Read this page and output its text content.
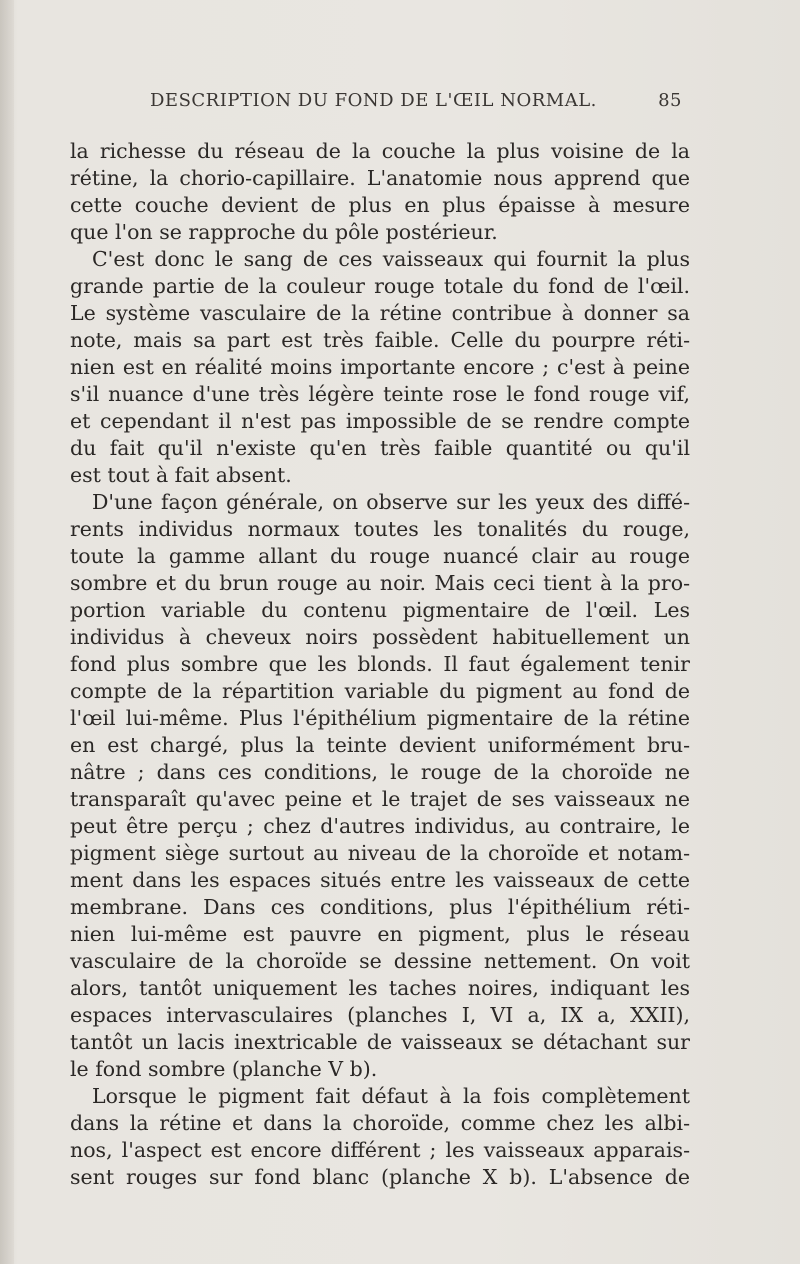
DESCRIPTION DU FOND DE L'ŒIL NORMAL.	85
la richesse du réseau de la couche la plus voisine de la
rétine, la chorio-capillaire. L'anatomie nous apprend que
cette couche devient de plus en plus épaisse à mesure
que l'on se rapproche du pôle postérieur.
C'est donc le sang de ces vaisseaux qui fournit la plus
grande partie de la couleur rouge totale du fond de l'œil.
Le système vasculaire de la rétine contribue à donner sa
note, mais sa part est très faible. Celle du pourpre réti-
nien est en réalité moins importante encore ; c'est à peine
s'il nuance d'une très légère teinte rose le fond rouge vif,
et cependant il n'est pas impossible de se rendre compte
du fait qu'il n'existe qu'en très faible quantité ou qu'il
est tout à fait absent.
D'une façon générale, on observe sur les yeux des diffé-
rents individus normaux toutes les tonalités du rouge,
toute la gamme allant du rouge nuancé clair au rouge
sombre et du brun rouge au noir. Mais ceci tient à la pro-
portion variable du contenu pigmentaire de l'œil. Les
individus à cheveux noirs possèdent habituellement un
fond plus sombre que les blonds. Il faut également tenir
compte de la répartition variable du pigment au fond de
l'œil lui-même. Plus l'épithélium pigmentaire de la rétine
en est chargé, plus la teinte devient uniformément bru-
nâtre ; dans ces conditions, le rouge de la choroïde ne
transparaît qu'avec peine et le trajet de ses vaisseaux ne
peut être perçu ; chez d'autres individus, au contraire, le
pigment siège surtout au niveau de la choroïde et notam-
ment dans les espaces situés entre les vaisseaux de cette
membrane. Dans ces conditions, plus l'épithélium réti-
nien lui-même est pauvre en pigment, plus le réseau
vasculaire de la choroïde se dessine nettement. On voit
alors, tantôt uniquement les taches noires, indiquant les
espaces intervasculaires (planches I, VI a, IX a, XXII),
tantôt un lacis inextricable de vaisseaux se détachant sur
le fond sombre (planche V b).
Lorsque le pigment fait défaut à la fois complètement
dans la rétine et dans la choroïde, comme chez les albi-
nos, l'aspect est encore différent ; les vaisseaux apparais-
sent rouges sur fond blanc (planche X b). L'absence de
